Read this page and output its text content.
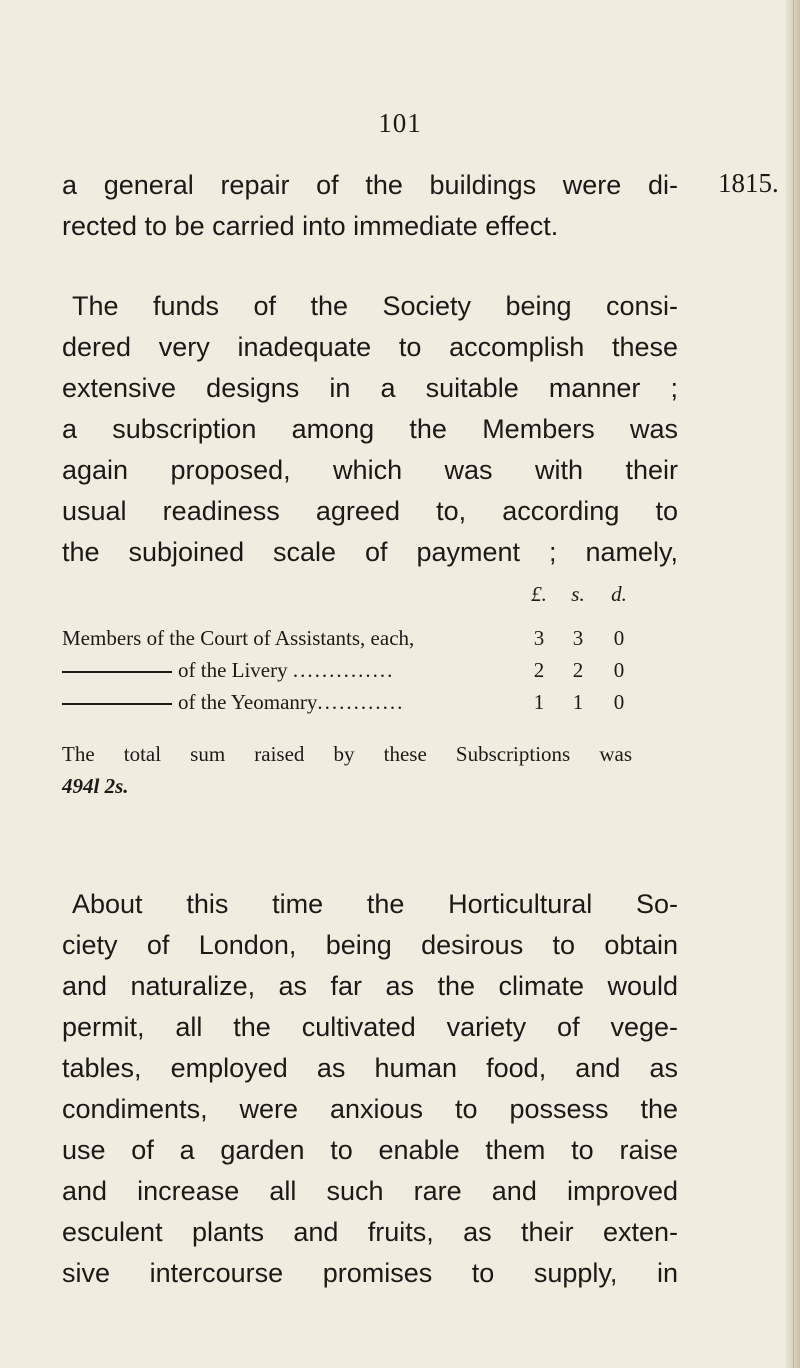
101
1815.
a general repair of the buildings were di-
rected to be carried into immediate effect.
The funds of the Society being consi-
dered very inadequate to accomplish these
extensive designs in a suitable manner ;
a subscription among the Members was
again proposed, which was with their
usual readiness agreed to, according to
the subjoined scale of payment ; namely,
£. s. d.
Members of the Court of Assistants, each,	3	3	0
of the Livery ..............	2	2	0
of the Yeomanry............	1	1	0
The total sum raised by these Subscriptions was
494l 2s.
About this time the Horticultural So-
ciety of London, being desirous to obtain
and naturalize, as far as the climate would
permit, all the cultivated variety of vege-
tables, employed as human food, and as
condiments, were anxious to possess the
use of a garden to enable them to raise
and increase all such rare and improved
esculent plants and fruits, as their exten-
sive intercourse promises to supply, in
